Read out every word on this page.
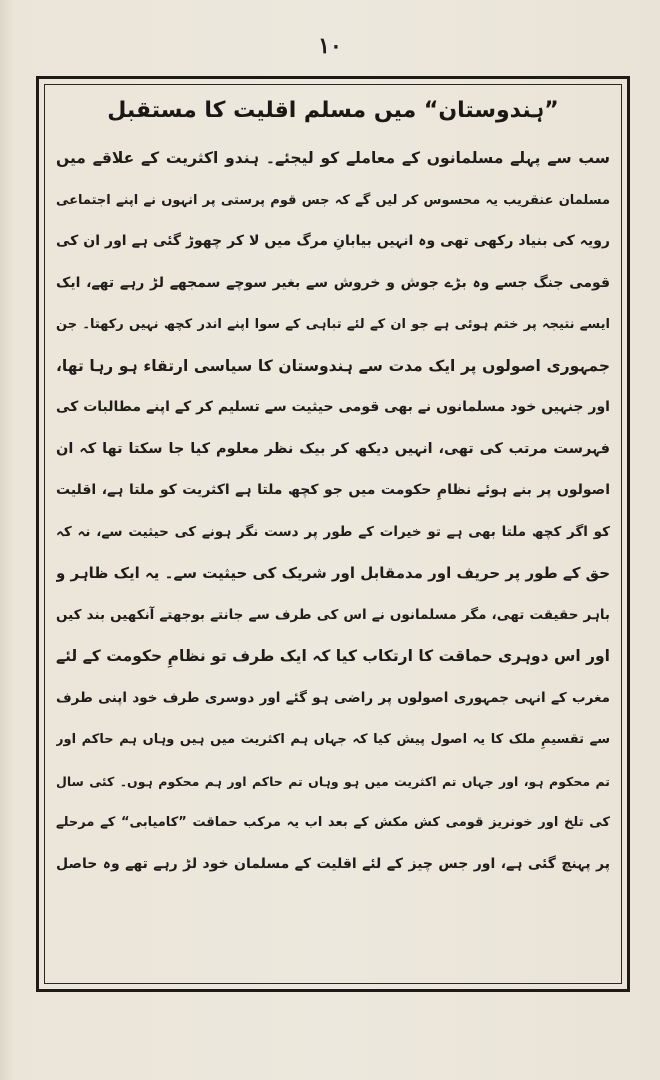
۱۰
”ہندوستان“ میں مسلم اقلیت کا مستقبل
سب سے پہلے مسلمانوں کے معاملے کو لیجئے۔ ہندو اکثریت کے علاقے میں
مسلمان عنقریب یہ محسوس کر لیں گے کہ جس قوم پرستی پر انہوں نے اپنے اجتماعی
رویہ کی بنیاد رکھی تھی وہ انہیں بیابانِ مرگ میں لا کر چھوڑ گئی ہے اور ان کی
قومی جنگ جسے وہ بڑے جوش و خروش سے بغیر سوچے سمجھے لڑ رہے تھے، ایک
ایسے نتیجہ پر ختم ہوئی ہے جو ان کے لئے تباہی کے سوا اپنے اندر کچھ نہیں رکھتا۔ جن
جمہوری اصولوں پر ایک مدت سے ہندوستان کا سیاسی ارتقاء ہو رہا تھا،
اور جنہیں خود مسلمانوں نے بھی قومی حیثیت سے تسلیم کر کے اپنے مطالبات کی
فہرست مرتب کی تھی، انہیں دیکھ کر بیک نظر معلوم کیا جا سکتا تھا کہ ان
اصولوں پر بنے ہوئے نظامِ حکومت میں جو کچھ ملتا ہے اکثریت کو ملتا ہے، اقلیت
کو اگر کچھ ملتا بھی ہے تو خیرات کے طور پر دست نگر ہونے کی حیثیت سے، نہ کہ
حق کے طور پر حریف اور مدمقابل اور شریک کی حیثیت سے۔ یہ ایک ظاہر و
باہر حقیقت تھی، مگر مسلمانوں نے اس کی طرف سے جانتے بوجھتے آنکھیں بند کیں
اور اس دوہری حماقت کا ارتکاب کیا کہ ایک طرف تو نظامِ حکومت کے لئے
مغرب کے انہی جمہوری اصولوں پر راضی ہو گئے اور دوسری طرف خود اپنی طرف
سے تقسیمِ ملک کا یہ اصول پیش کیا کہ جہاں ہم اکثریت میں ہیں وہاں ہم حاکم اور
تم محکوم ہو، اور جہاں تم اکثریت میں ہو وہاں تم حاکم اور ہم محکوم ہوں۔ کئی سال
کی تلخ اور خونریز قومی کش مکش کے بعد اب یہ مرکب حماقت ”کامیابی“ کے مرحلے
پر پہنچ گئی ہے، اور جس چیز کے لئے اقلیت کے مسلمان خود لڑ رہے تھے وہ حاصل
